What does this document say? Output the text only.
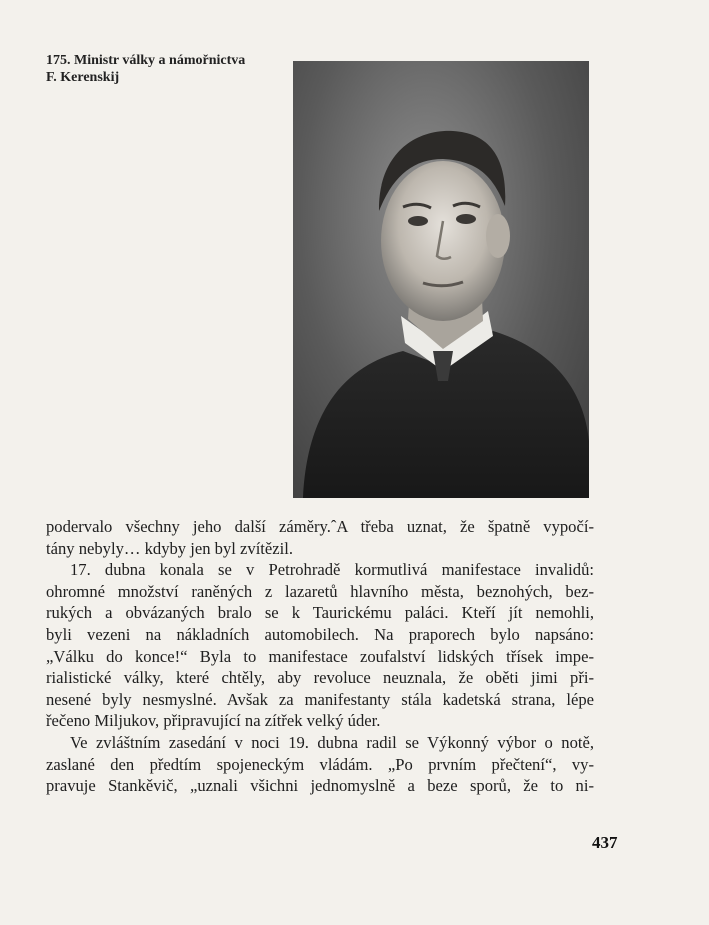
175. Ministr války a námořnictva
F. Kerenskij

podervalo všechny jeho další záměry.ˆA třeba uznat, že špatně vypočí-
tány nebyly… kdyby jen byl zvítězil.

17. dubna konala se v Petrohradě kormutlivá manifestace invalidů:
ohromné množství raněných z lazaretů hlavního města, beznohých, bez-
rukých a obvázaných bralo se k Taurickému paláci. Kteří jít nemohli,
byli vezeni na nákladních automobilech. Na praporech bylo napsáno:
„Válku do konce!“ Byla to manifestace zoufalství lidských třísek impe-
rialistické války, které chtěly, aby revoluce neuznala, že oběti jimi při-
nesené byly nesmyslné. Avšak za manifestanty stála kadetská strana, lépe
řečeno Miljukov, připravující na zítřek velký úder.

Ve zvláštním zasedání v noci 19. dubna radil se Výkonný výbor o notě,
zaslané den předtím spojeneckým vládám. „Po prvním přečtení“, vy-
pravuje Stankěvič, „uznali všichni jednomyslně a beze sporů, že to ni-

437
